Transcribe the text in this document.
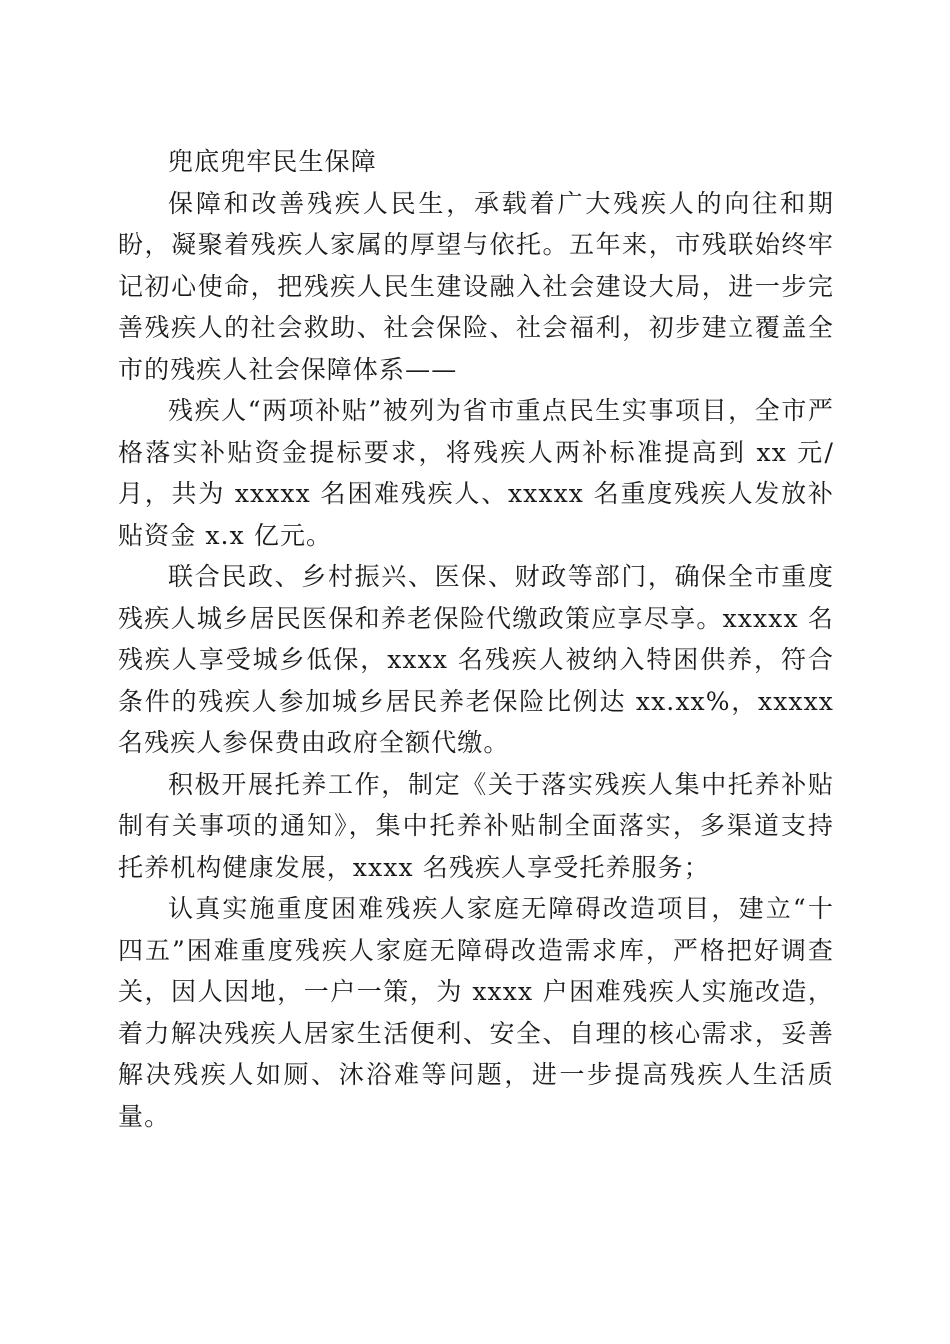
兜底兜牢民生保障

保障和改善残疾人民生，承载着广大残疾人的向往和期盼，凝聚着残疾人家属的厚望与依托。五年来，市残联始终牢记初心使命，把残疾人民生建设融入社会建设大局，进一步完善残疾人的社会救助、社会保险、社会福利，初步建立覆盖全市的残疾人社会保障体系——

残疾人“两项补贴”被列为省市重点民生实事项目，全市严格落实补贴资金提标要求，将残疾人两补标准提高到 xx 元/月，共为 xxxxx 名困难残疾人、xxxxx 名重度残疾人发放补贴资金 x.x 亿元。

联合民政、乡村振兴、医保、财政等部门，确保全市重度残疾人城乡居民医保和养老保险代缴政策应享尽享。xxxxx 名残疾人享受城乡低保，xxxx 名残疾人被纳入特困供养，符合条件的残疾人参加城乡居民养老保险比例达 xx.xx%，xxxxx 名残疾人参保费由政府全额代缴。

积极开展托养工作，制定《关于落实残疾人集中托养补贴制有关事项的通知》，集中托养补贴制全面落实，多渠道支持托养机构健康发展，xxxx 名残疾人享受托养服务；

认真实施重度困难残疾人家庭无障碍改造项目，建立“十四五”困难重度残疾人家庭无障碍改造需求库，严格把好调查关，因人因地，一户一策，为 xxxx 户困难残疾人实施改造，着力解决残疾人居家生活便利、安全、自理的核心需求，妥善解决残疾人如厕、沐浴难等问题，进一步提高残疾人生活质量。
